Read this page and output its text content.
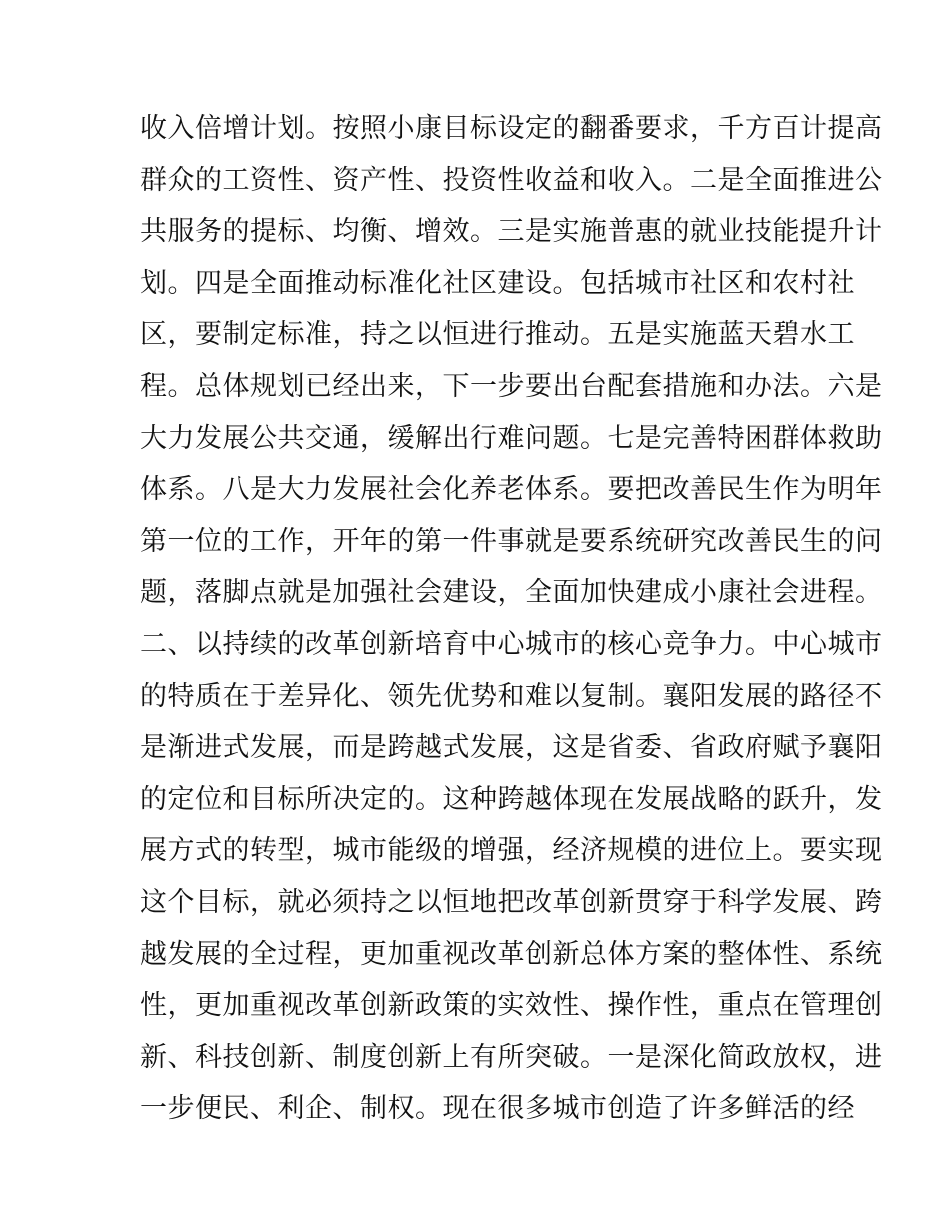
收入倍增计划。按照小康目标设定的翻番要求，千方百计提高
群众的工资性、资产性、投资性收益和收入。二是全面推进公
共服务的提标、均衡、增效。三是实施普惠的就业技能提升计
划。四是全面推动标准化社区建设。包括城市社区和农村社
区，要制定标准，持之以恒进行推动。五是实施蓝天碧水工
程。总体规划已经出来，下一步要出台配套措施和办法。六是
大力发展公共交通，缓解出行难问题。七是完善特困群体救助
体系。八是大力发展社会化养老体系。要把改善民生作为明年
第一位的工作，开年的第一件事就是要系统研究改善民生的问
题，落脚点就是加强社会建设，全面加快建成小康社会进程。
二、以持续的改革创新培育中心城市的核心竞争力。中心城市
的特质在于差异化、领先优势和难以复制。襄阳发展的路径不
是渐进式发展，而是跨越式发展，这是省委、省政府赋予襄阳
的定位和目标所决定的。这种跨越体现在发展战略的跃升，发
展方式的转型，城市能级的增强，经济规模的进位上。要实现
这个目标，就必须持之以恒地把改革创新贯穿于科学发展、跨
越发展的全过程，更加重视改革创新总体方案的整体性、系统
性，更加重视改革创新政策的实效性、操作性，重点在管理创
新、科技创新、制度创新上有所突破。一是深化简政放权，进
一步便民、利企、制权。现在很多城市创造了许多鲜活的经
